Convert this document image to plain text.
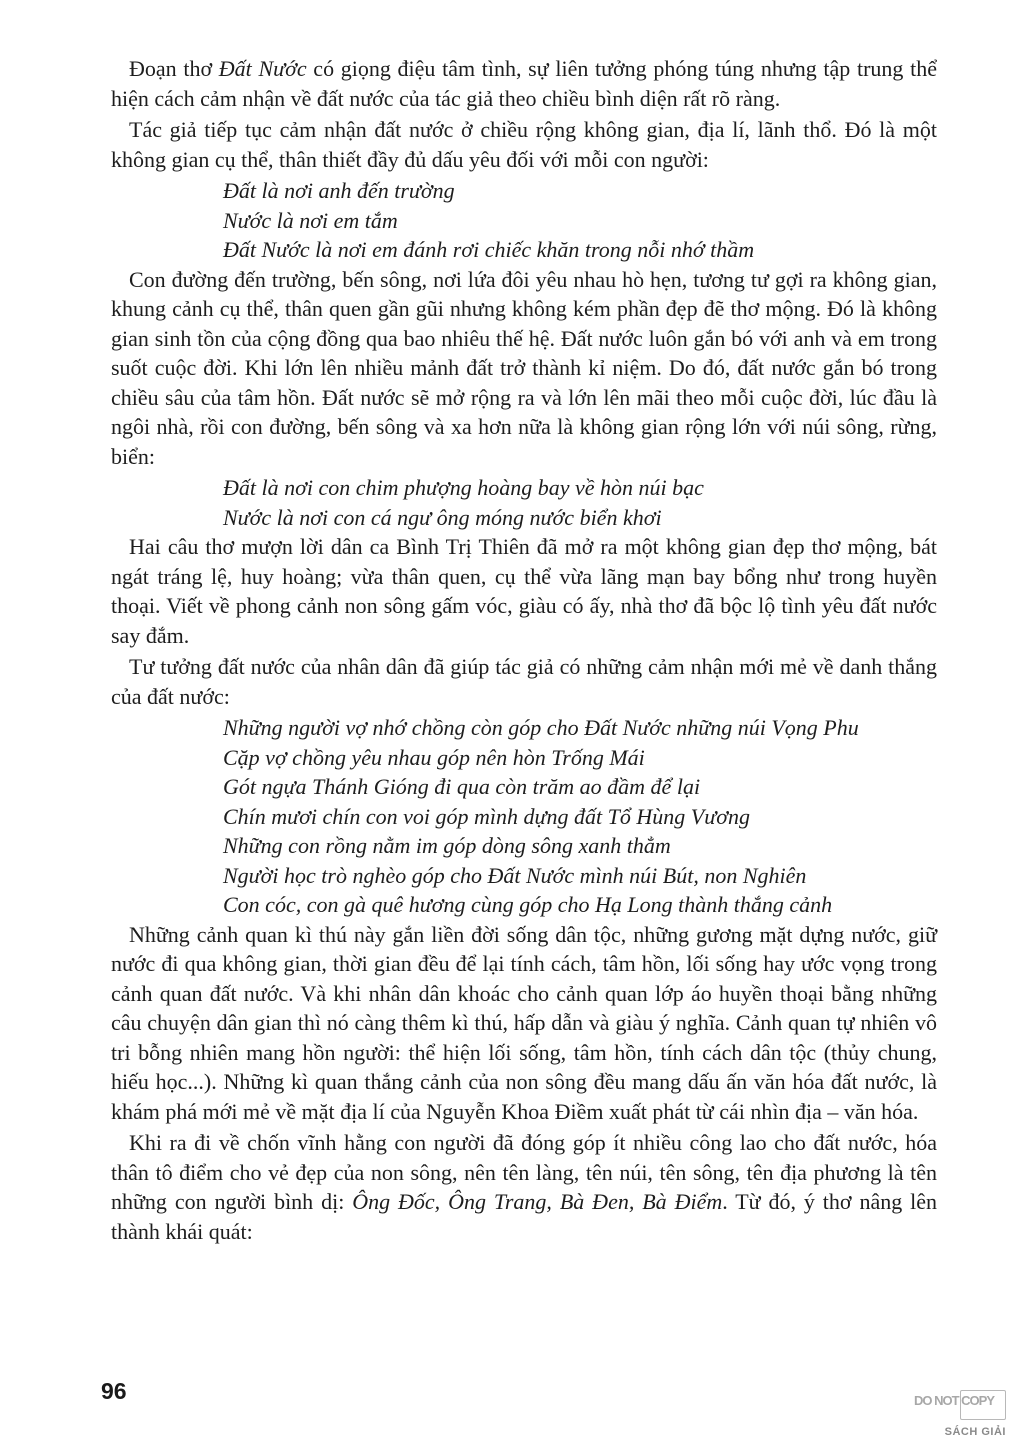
Đoạn thơ Đất Nước có giọng điệu tâm tình, sự liên tưởng phóng túng nhưng tập trung thể hiện cách cảm nhận về đất nước của tác giả theo chiều bình diện rất rõ ràng.

Tác giả tiếp tục cảm nhận đất nước ở chiều rộng không gian, địa lí, lãnh thổ. Đó là một không gian cụ thể, thân thiết đầy đủ dấu yêu đối với mỗi con người:

Đất là nơi anh đến trường
Nước là nơi em tắm
Đất Nước là nơi em đánh rơi chiếc khăn trong nỗi nhớ thầm

Con đường đến trường, bến sông, nơi lứa đôi yêu nhau hò hẹn, tương tư gợi ra không gian, khung cảnh cụ thể, thân quen gần gũi nhưng không kém phần đẹp đẽ thơ mộng. Đó là không gian sinh tồn của cộng đồng qua bao nhiêu thế hệ. Đất nước luôn gắn bó với anh và em trong suốt cuộc đời. Khi lớn lên nhiều mảnh đất trở thành kỉ niệm. Do đó, đất nước gắn bó trong chiều sâu của tâm hồn. Đất nước sẽ mở rộng ra và lớn lên mãi theo mỗi cuộc đời, lúc đầu là ngôi nhà, rồi con đường, bến sông và xa hơn nữa là không gian rộng lớn với núi sông, rừng, biển:

Đất là nơi con chim phượng hoàng bay về hòn núi bạc
Nước là nơi con cá ngư ông móng nước biển khơi

Hai câu thơ mượn lời dân ca Bình Trị Thiên đã mở ra một không gian đẹp thơ mộng, bát ngát tráng lệ, huy hoàng; vừa thân quen, cụ thể vừa lãng mạn bay bổng như trong huyền thoại. Viết về phong cảnh non sông gấm vóc, giàu có ấy, nhà thơ đã bộc lộ tình yêu đất nước say đắm.

Tư tưởng đất nước của nhân dân đã giúp tác giả có những cảm nhận mới mẻ về danh thắng của đất nước:

Những người vợ nhớ chồng còn góp cho Đất Nước những núi Vọng Phu
Cặp vợ chồng yêu nhau góp nên hòn Trống Mái
Gót ngựa Thánh Gióng đi qua còn trăm ao đầm để lại
Chín mươi chín con voi góp mình dựng đất Tổ Hùng Vương
Những con rồng nằm im góp dòng sông xanh thẳm
Người học trò nghèo góp cho Đất Nước mình núi Bút, non Nghiên
Con cóc, con gà quê hương cùng góp cho Hạ Long thành thắng cảnh

Những cảnh quan kì thú này gắn liền đời sống dân tộc, những gương mặt dựng nước, giữ nước đi qua không gian, thời gian đều để lại tính cách, tâm hồn, lối sống hay ước vọng trong cảnh quan đất nước. Và khi nhân dân khoác cho cảnh quan lớp áo huyền thoại bằng những câu chuyện dân gian thì nó càng thêm kì thú, hấp dẫn và giàu ý nghĩa. Cảnh quan tự nhiên vô tri bỗng nhiên mang hồn người: thể hiện lối sống, tâm hồn, tính cách dân tộc (thủy chung, hiếu học...). Những kì quan thắng cảnh của non sông đều mang dấu ấn văn hóa đất nước, là khám phá mới mẻ về mặt địa lí của Nguyễn Khoa Điềm xuất phát từ cái nhìn địa – văn hóa.

Khi ra đi về chốn vĩnh hằng con người đã đóng góp ít nhiều công lao cho đất nước, hóa thân tô điểm cho vẻ đẹp của non sông, nên tên làng, tên núi, tên sông, tên địa phương là tên những con người bình dị: Ông Đốc, Ông Trang, Bà Đen, Bà Điểm. Từ đó, ý thơ nâng lên thành khái quát:

96	DO NOT COPY
SÁCH GIẢI
